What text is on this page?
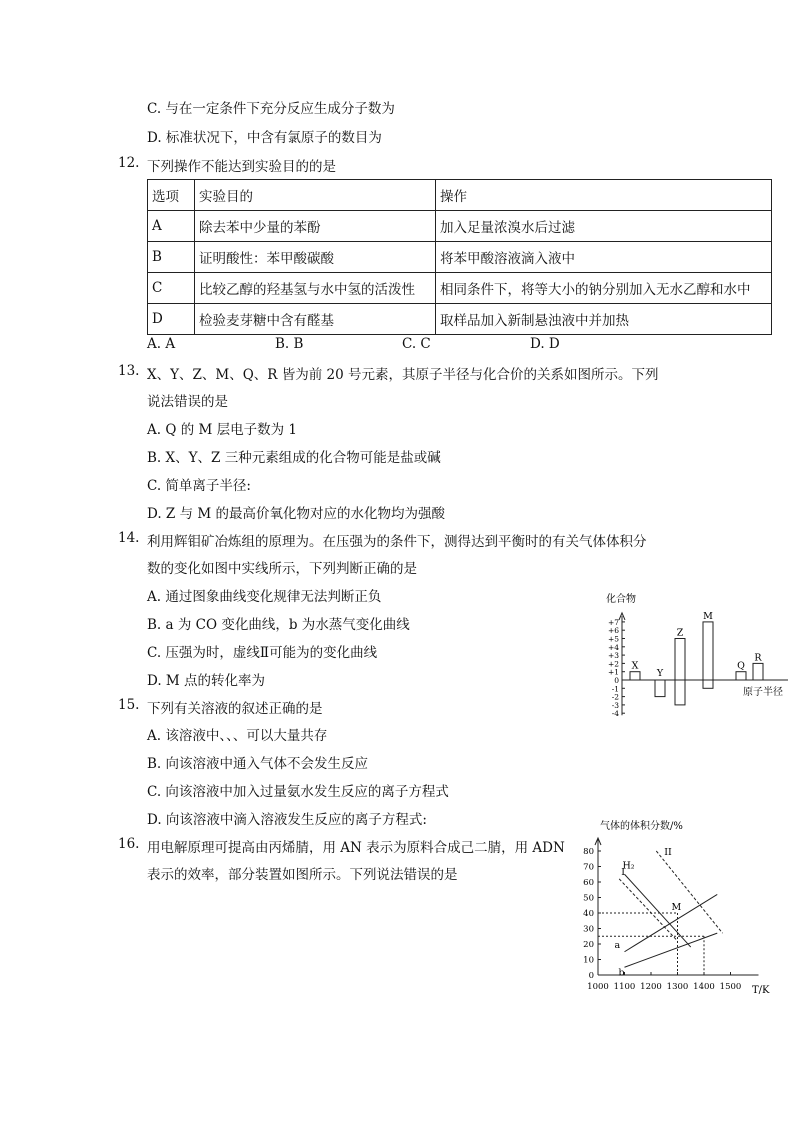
C. 与在一定条件下充分反应生成分子数为
D. 标准状况下，中含有氯原子的数目为
12. 下列操作不能达到实验目的的是
选项	实验目的	操作
A	除去苯中少量的苯酚	加入足量浓溴水后过滤
B	证明酸性：苯甲酸碳酸	将苯甲酸溶液滴入液中
C	比较乙醇的羟基氢与水中氢的活泼性	相同条件下，将等大小的钠分别加入无水乙醇和水中
D	检验麦芽糖中含有醛基	取样品加入新制悬浊液中并加热
A. A	B. B	C. C	D. D
13. X、Y、Z、M、Q、R 皆为前 20 号元素，其原子半径与化合价的关系如图所示。下列
说法错误的是
A. Q 的 M 层电子数为 1
B. X、Y、Z 三种元素组成的化合物可能是盐或碱
C. 简单离子半径:
D. Z 与 M 的最高价氧化物对应的水化物均为强酸
14. 利用辉钼矿冶炼组的原理为。在压强为的条件下，测得达到平衡时的有关气体体积分
数的变化如图中实线所示，下列判断正确的是
A. 通过图象曲线变化规律无法判断正负
B. a 为 CO 变化曲线，b 为水蒸气变化曲线
C. 压强为时，虚线Ⅱ可能为的变化曲线
D. M 点的转化率为
15. 下列有关溶液的叙述正确的是
A. 该溶液中、、、可以大量共存
B. 向该溶液中通入气体不会发生反应
C. 向该溶液中加入过量氨水发生反应的离子方程式
D. 向该溶液中滴入溶液发生反应的离子方程式:
16. 用电解原理可提高由丙烯腈，用 AN 表示为原料合成己二腈，用 ADN
表示的效率，部分装置如图所示。下列说法错误的是
化合物
+7
+6
+5
+4
+3
+2
+1
0
-1
-2
-3
-4
X
Y
Z
M
Q
R
原子半径
气体的体积分数/%
0
10
20
30
40
50
60
70
80
1000 1100 1200 1300 1400 1500
H₂
a
b
I
II
M
T/K
